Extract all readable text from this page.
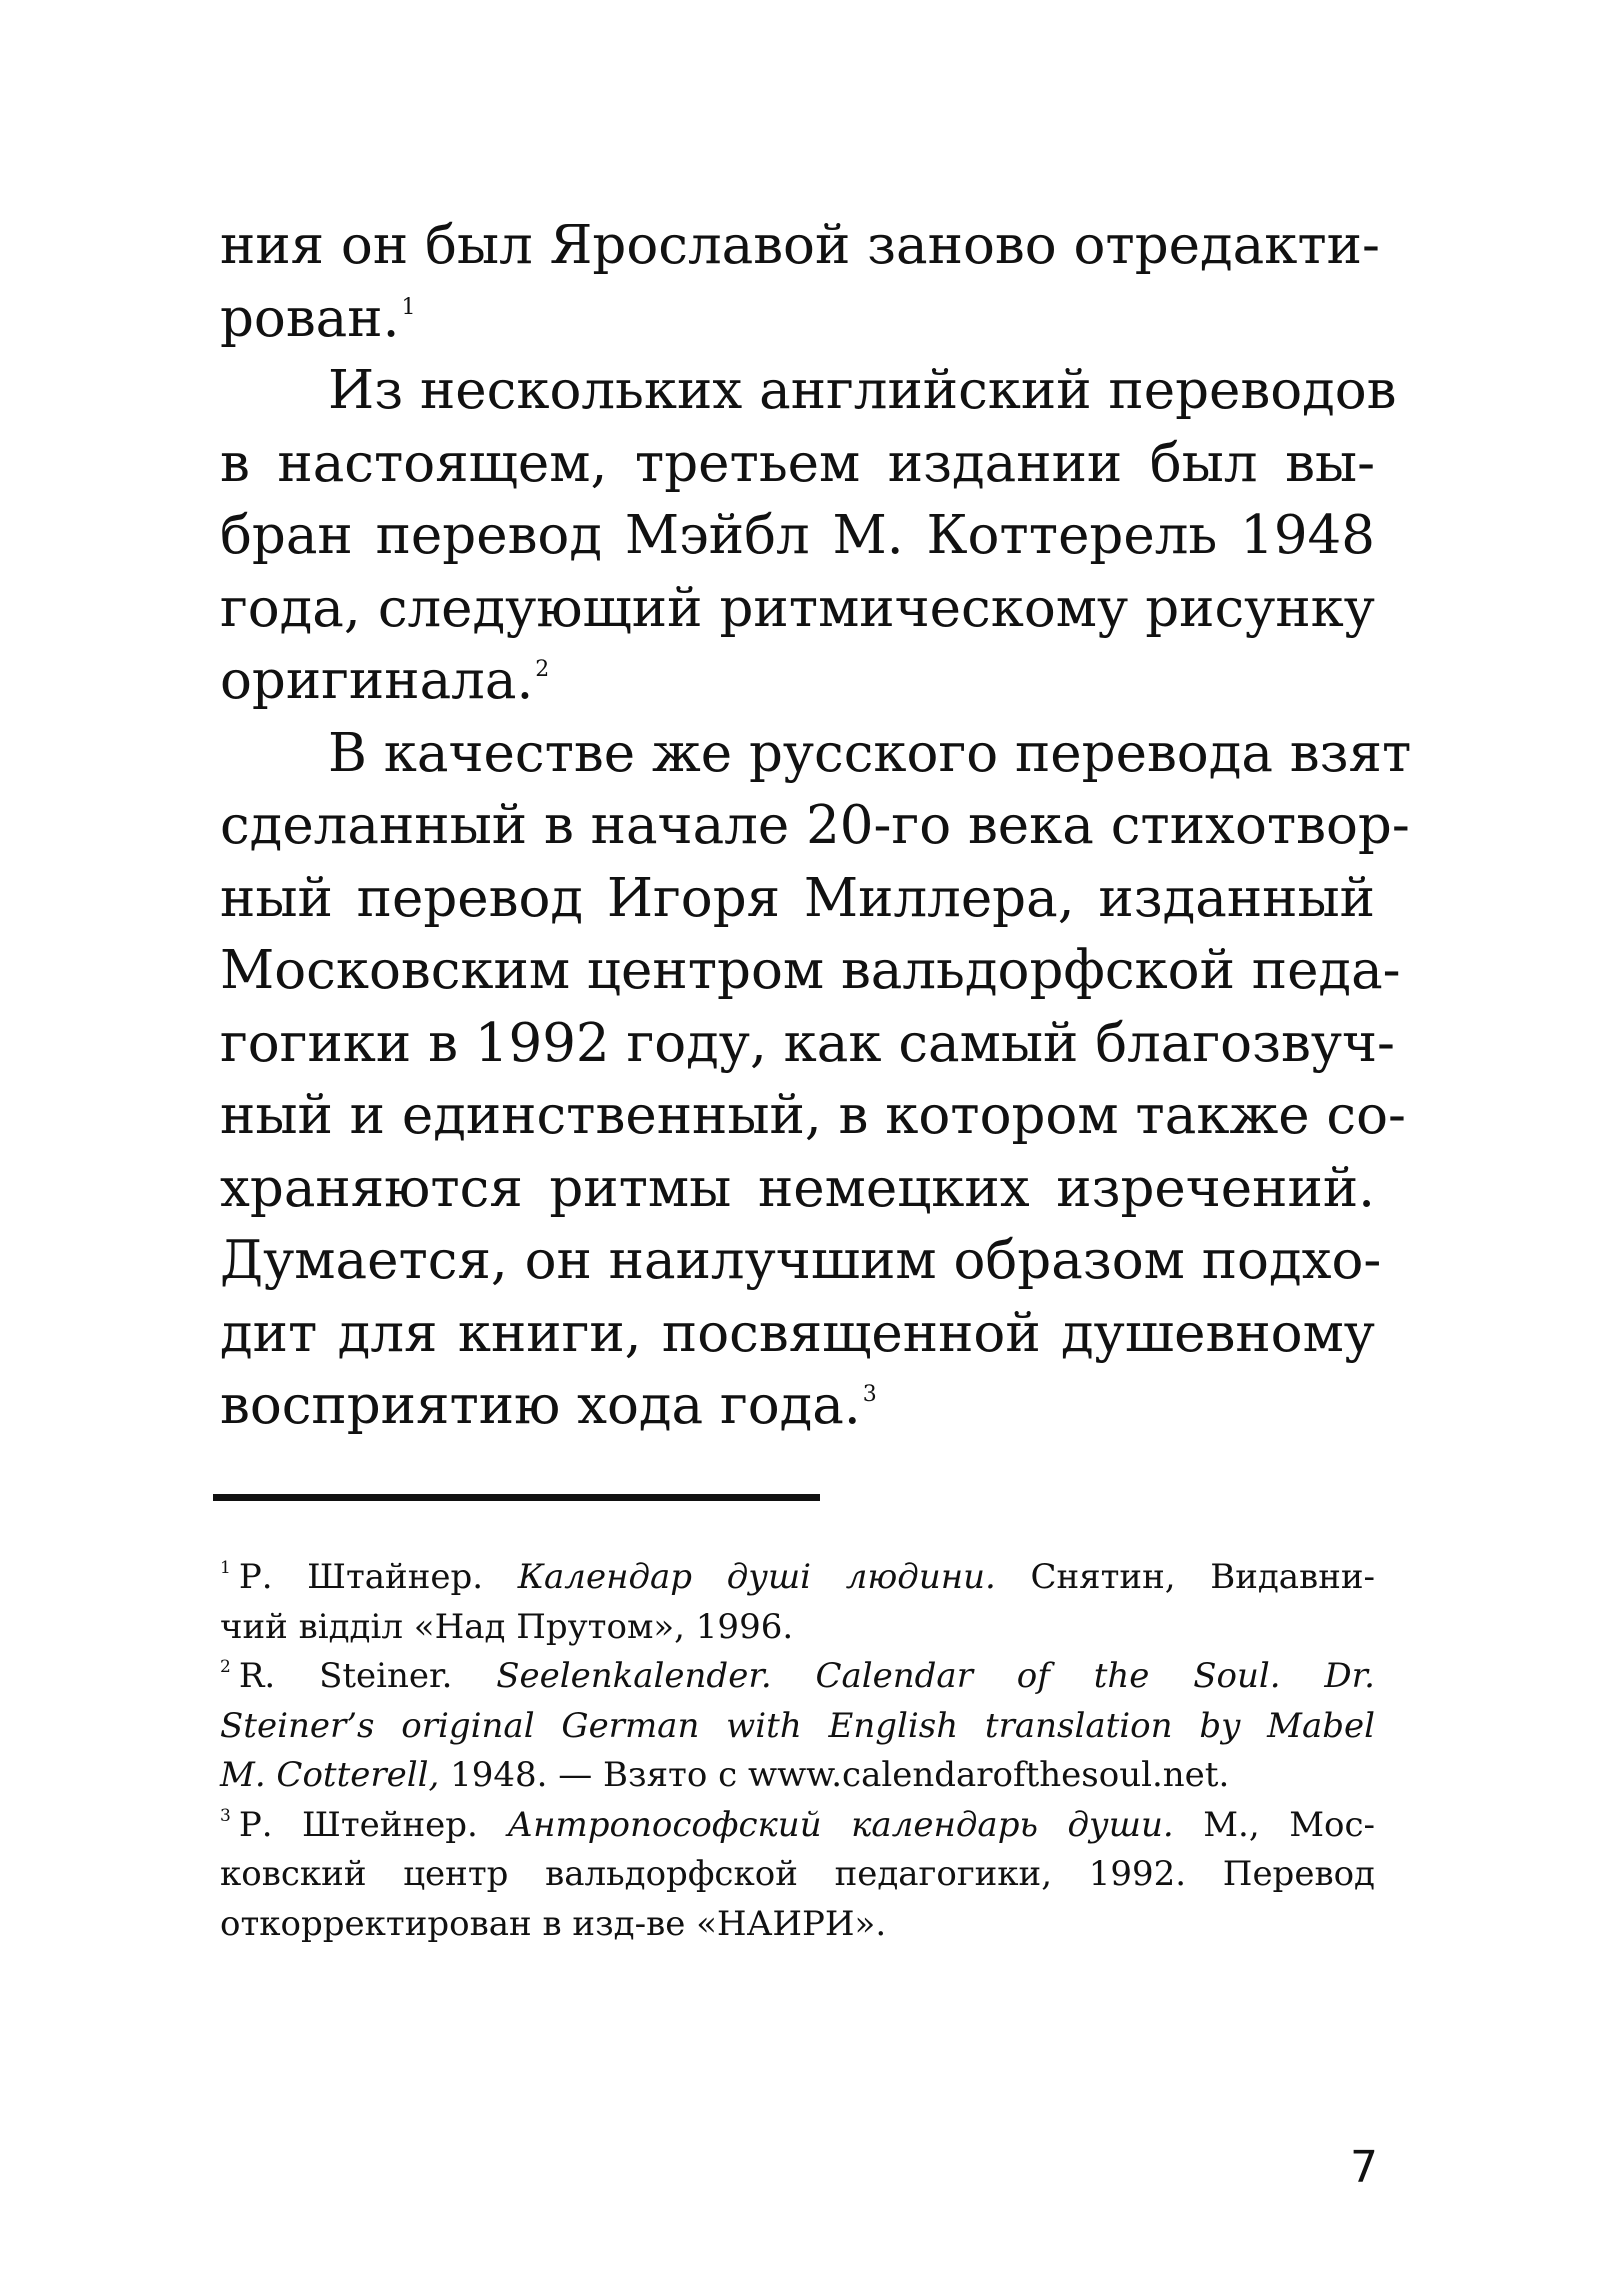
ния он был Ярославой заново отредакти-
рован.$^1$
Из нескольких английский переводов
в настоящем, третьем издании был вы-
бран перевод Мэйбл М. Коттерель 1948
года, следующий ритмическому рисунку
оригинала.$^2$
В качестве же русского перевода взят
сделанный в начале 20-го века стихотвор-
ный перевод Игоря Миллера, изданный
Московским центром вальдорфской педа-
гогики в 1992 году, как самый благозвуч-
ный и единственный, в котором также со-
храняются ритмы немецких изречений.
Думается, он наилучшим образом подхо-
дит для книги, посвященной душевному
восприятию хода года.$^3$
$^1$ Р. Штайнер. Календар душі людини. Снятин, Видавни-
чий відділ «Над Прутом», 1996.
$^2$ R. Steiner. Seelenkalender. Calendar of the Soul. Dr.
Steiner’s original German with English translation by Mabel
M. Cotterell, 1948. — Взято с www.calendarofthesoul.net.
$^3$ Р. Штейнер. Антропософский календарь души. М., Мос-
ковский центр вальдорфской педагогики, 1992. Перевод
откорректирован в изд-ве «НАИРИ».
7
